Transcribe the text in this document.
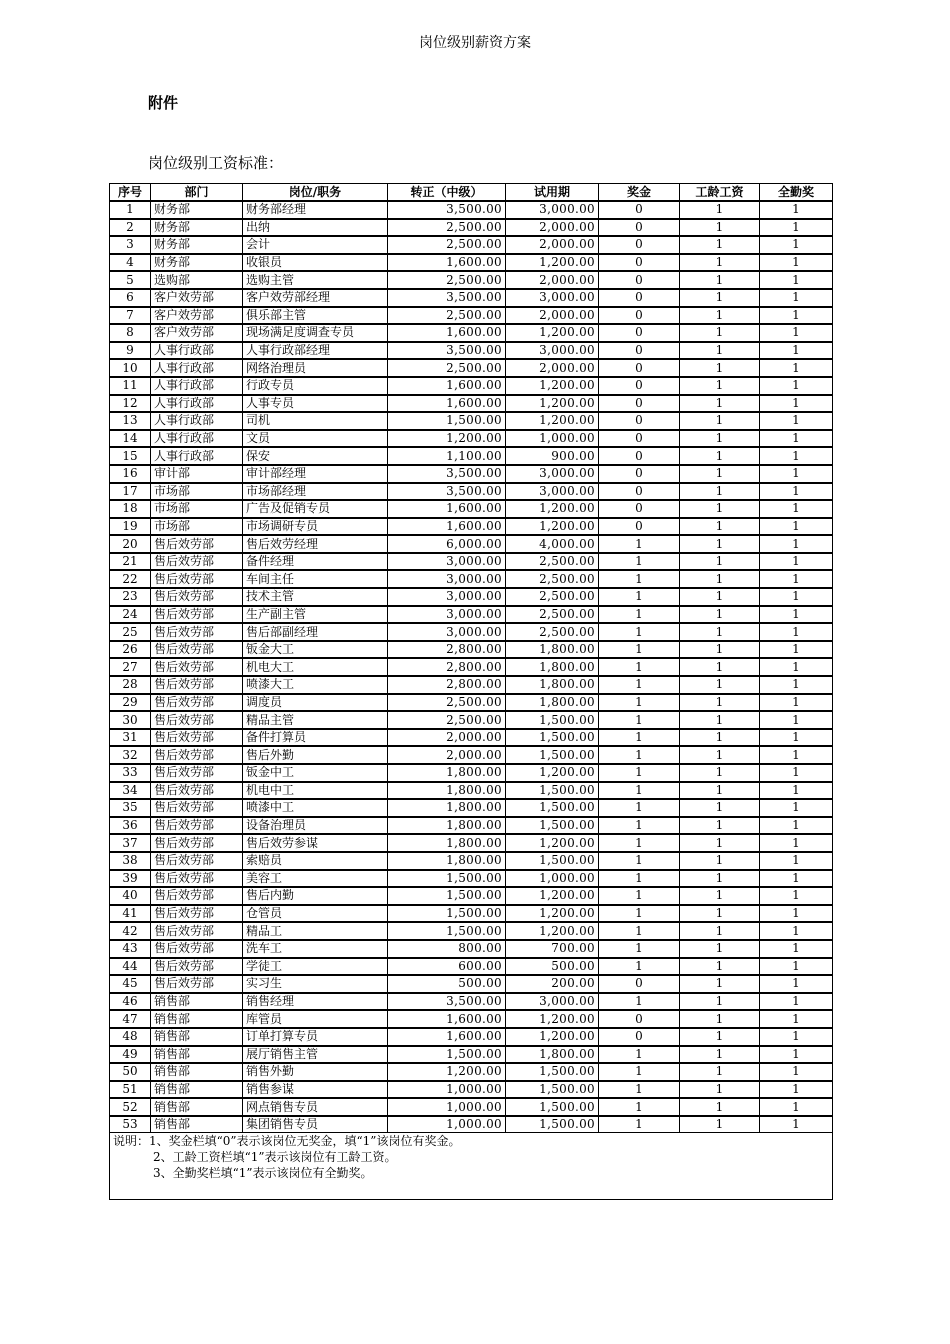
岗位级别薪资方案
附件
岗位级别工资标准：
序号	部门	岗位/职务	转正（中级）	试用期	奖金	工龄工资	全勤奖
1	财务部	财务部经理	3,500.00	3,000.00	0	1	1
2	财务部	出纳	2,500.00	2,000.00	0	1	1
3	财务部	会计	2,500.00	2,000.00	0	1	1
4	财务部	收银员	1,600.00	1,200.00	0	1	1
5	选购部	选购主管	2,500.00	2,000.00	0	1	1
6	客户效劳部	客户效劳部经理	3,500.00	3,000.00	0	1	1
7	客户效劳部	俱乐部主管	2,500.00	2,000.00	0	1	1
8	客户效劳部	现场满足度调查专员	1,600.00	1,200.00	0	1	1
9	人事行政部	人事行政部经理	3,500.00	3,000.00	0	1	1
10	人事行政部	网络治理员	2,500.00	2,000.00	0	1	1
11	人事行政部	行政专员	1,600.00	1,200.00	0	1	1
12	人事行政部	人事专员	1,600.00	1,200.00	0	1	1
13	人事行政部	司机	1,500.00	1,200.00	0	1	1
14	人事行政部	文员	1,200.00	1,000.00	0	1	1
15	人事行政部	保安	1,100.00	900.00	0	1	1
16	审计部	审计部经理	3,500.00	3,000.00	0	1	1
17	市场部	市场部经理	3,500.00	3,000.00	0	1	1
18	市场部	广告及促销专员	1,600.00	1,200.00	0	1	1
19	市场部	市场调研专员	1,600.00	1,200.00	0	1	1
20	售后效劳部	售后效劳经理	6,000.00	4,000.00	1	1	1
21	售后效劳部	备件经理	3,000.00	2,500.00	1	1	1
22	售后效劳部	车间主任	3,000.00	2,500.00	1	1	1
23	售后效劳部	技术主管	3,000.00	2,500.00	1	1	1
24	售后效劳部	生产副主管	3,000.00	2,500.00	1	1	1
25	售后效劳部	售后部副经理	3,000.00	2,500.00	1	1	1
26	售后效劳部	钣金大工	2,800.00	1,800.00	1	1	1
27	售后效劳部	机电大工	2,800.00	1,800.00	1	1	1
28	售后效劳部	喷漆大工	2,800.00	1,800.00	1	1	1
29	售后效劳部	调度员	2,500.00	1,800.00	1	1	1
30	售后效劳部	精品主管	2,500.00	1,500.00	1	1	1
31	售后效劳部	备件打算员	2,000.00	1,500.00	1	1	1
32	售后效劳部	售后外勤	2,000.00	1,500.00	1	1	1
33	售后效劳部	钣金中工	1,800.00	1,200.00	1	1	1
34	售后效劳部	机电中工	1,800.00	1,500.00	1	1	1
35	售后效劳部	喷漆中工	1,800.00	1,500.00	1	1	1
36	售后效劳部	设备治理员	1,800.00	1,500.00	1	1	1
37	售后效劳部	售后效劳参谋	1,800.00	1,200.00	1	1	1
38	售后效劳部	索赔员	1,800.00	1,500.00	1	1	1
39	售后效劳部	美容工	1,500.00	1,000.00	1	1	1
40	售后效劳部	售后内勤	1,500.00	1,200.00	1	1	1
41	售后效劳部	仓管员	1,500.00	1,200.00	1	1	1
42	售后效劳部	精品工	1,500.00	1,200.00	1	1	1
43	售后效劳部	洗车工	800.00	700.00	1	1	1
44	售后效劳部	学徒工	600.00	500.00	1	1	1
45	售后效劳部	实习生	500.00	200.00	0	1	1
46	销售部	销售经理	3,500.00	3,000.00	1	1	1
47	销售部	库管员	1,600.00	1,200.00	0	1	1
48	销售部	订单打算专员	1,600.00	1,200.00	0	1	1
49	销售部	展厅销售主管	1,500.00	1,800.00	1	1	1
50	销售部	销售外勤	1,200.00	1,500.00	1	1	1
51	销售部	销售参谋	1,000.00	1,500.00	1	1	1
52	销售部	网点销售专员	1,000.00	1,500.00	1	1	1
53	销售部	集团销售专员	1,000.00	1,500.00	1	1	1

说明：1、奖金栏填“0”表示该岗位无奖金，填“1”该岗位有奖金。
2、工龄工资栏填“1”表示该岗位有工龄工资。
3、全勤奖栏填“1”表示该岗位有全勤奖。							
